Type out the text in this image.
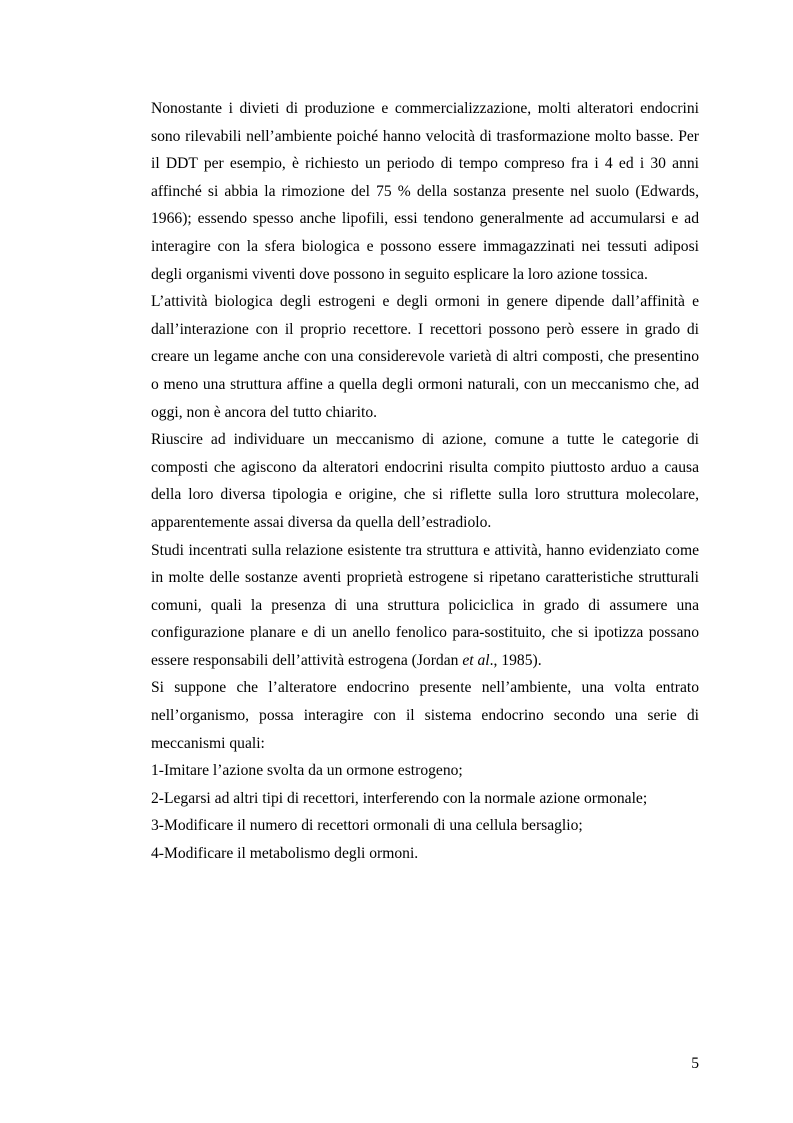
Nonostante i divieti di produzione e commercializzazione, molti alteratori endocrini sono rilevabili nell’ambiente poiché hanno velocità di trasformazione molto basse. Per il DDT per esempio, è richiesto un periodo di tempo compreso fra i 4 ed i 30 anni affinché si abbia la rimozione del 75 % della sostanza presente nel suolo (Edwards, 1966); essendo spesso anche lipofili, essi tendono generalmente ad accumularsi e ad interagire con la sfera biologica e possono essere immagazzinati nei tessuti adiposi degli organismi viventi dove possono in seguito esplicare la loro azione tossica.

L’attività biologica degli estrogeni e degli ormoni in genere dipende dall’affinità e dall’interazione con il proprio recettore. I recettori possono però essere in grado di creare un legame anche con una considerevole varietà di altri composti, che presentino o meno una struttura affine a quella degli ormoni naturali, con un meccanismo che, ad oggi, non è ancora del tutto chiarito.

Riuscire ad individuare un meccanismo di azione, comune a tutte le categorie di composti che agiscono da alteratori endocrini risulta compito piuttosto arduo a causa della loro diversa tipologia e origine, che si riflette sulla loro struttura molecolare, apparentemente assai diversa da quella dell’estradiolo.

Studi incentrati sulla relazione esistente tra struttura e attività, hanno evidenziato come in molte delle sostanze aventi proprietà estrogene si ripetano caratteristiche strutturali comuni, quali la presenza di una struttura policiclica in grado di assumere una configurazione planare e di un anello fenolico para-sostituito, che si ipotizza possano essere responsabili dell’attività estrogena (Jordan et al., 1985).

Si suppone che l’alteratore endocrino presente nell’ambiente, una volta entrato nell’organismo, possa interagire con il sistema endocrino secondo una serie di meccanismi quali:

1-Imitare l’azione svolta da un ormone estrogeno;

2-Legarsi ad altri tipi di recettori, interferendo con la normale azione ormonale;

3-Modificare il numero di recettori ormonali di una cellula bersaglio;

4-Modificare il metabolismo degli ormoni.

5
